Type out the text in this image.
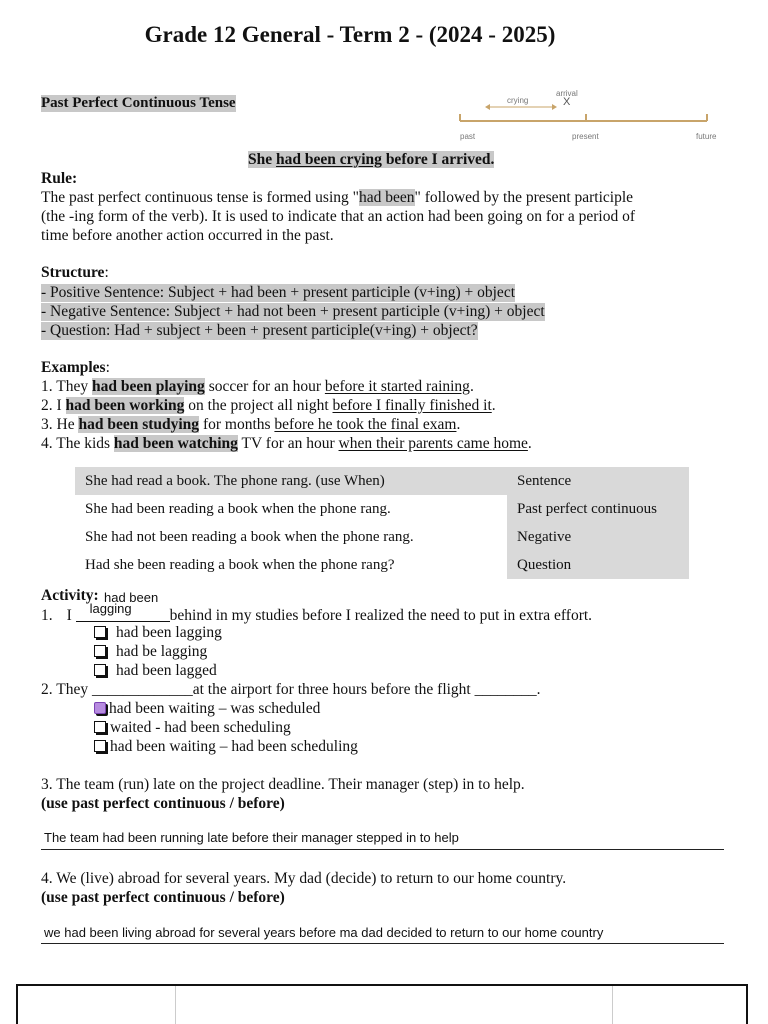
Grade 12 General - Term 2 - (2024 - 2025)
Past Perfect Continuous Tense	crying
arrival
X
past	present	future
She had been crying before I arrived.
Rule:
The past perfect continuous tense is formed using "had been" followed by the present participle
(the -ing form of the verb). It is used to indicate that an action had been going on for a period of
time before another action occurred in the past.
Structure:
- Positive Sentence: Subject + had been + present participle (v+ing) + object
- Negative Sentence: Subject + had not been + present participle (v+ing) + object
- Question: Had + subject + been + present participle(v+ing) + object?
Examples:
1. They had been playing soccer for an hour before it started raining.
2. I had been working on the project all night before I finally finished it.
3. He had been studying for months before he took the final exam.
4. The kids had been watching TV for an hour when their parents came home.
She had read a book. The phone rang. (use When)	Sentence
She had been reading a book when the phone rang.	Past perfect continuous
She had not been reading a book when the phone rang.	Negative
Had she been reading a book when the phone rang?	Question
Activity: had been
1. I lagging behind in my studies before I realized the need to put in extra effort.
had been lagging
had be lagging
had been lagged
2. They _____________at the airport for three hours before the flight ________.
had been waiting – was scheduled
waited - had been scheduling
had been waiting – had been scheduling
3. The team (run) late on the project deadline. Their manager (step) in to help.
(use past perfect continuous / before)
The team had been running late before their manager stepped in to help
4. We (live) abroad for several years. My dad (decide) to return to our home country.
(use past perfect continuous / before)
we had been living abroad for several years before ma dad decided to return to our home country
